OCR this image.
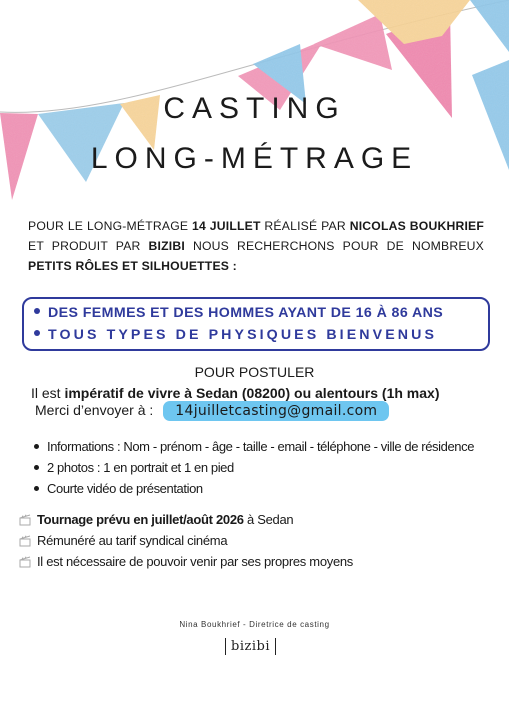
CASTING
LONG-MÉTRAGE
POUR LE LONG-MÉTRAGE 14 JUILLET RÉALISÉ PAR NICOLAS BOUKHRIEF ET PRODUIT PAR BIZIBI NOUS RECHERCHONS POUR DE NOMBREUX PETITS RÔLES ET SILHOUETTES :
DES FEMMES ET DES HOMMES AYANT DE 16 À 86 ANS
TOUS TYPES DE PHYSIQUES BIENVENUS
POUR POSTULER
Il est impératif de vivre à Sedan (08200) ou alentours (1h max)
Merci d’envoyer à : 14juilletcasting@gmail.com
Informations : Nom - prénom - âge - taille - email - téléphone - ville de résidence
2 photos : 1 en portrait et 1 en pied
Courte vidéo de présentation
Tournage prévu en juillet/août 2026 à Sedan
Rémunéré au tarif syndical cinéma
Il est nécessaire de pouvoir venir par ses propres moyens
Nina Boukhrief - Diretrice de casting
bizibi
